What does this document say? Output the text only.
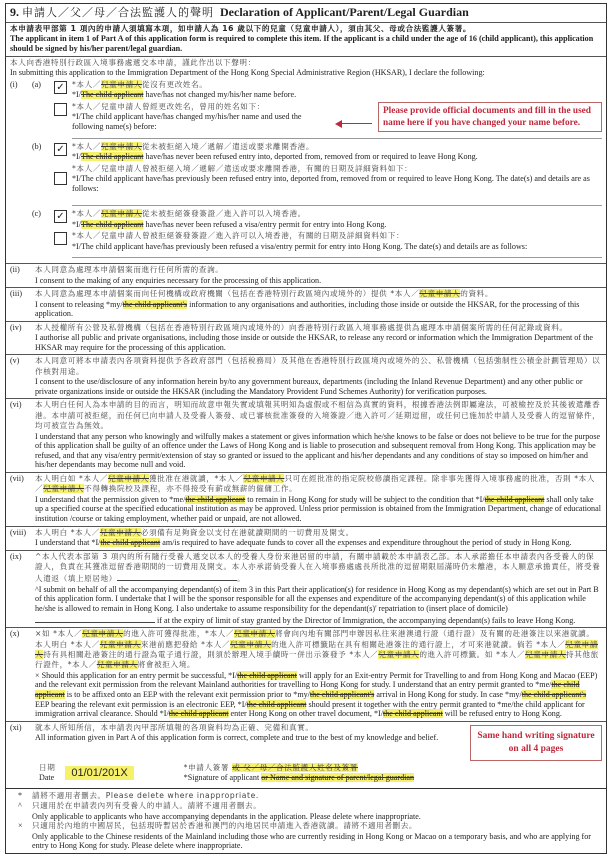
9. 申請人／父／母／合法監護人的聲明 Declaration of Applicant/Parent/Legal Guardian
本申請表甲部第 1 項內的申請人須填寫本項，如申請人為 16 歲以下的兒童（兒童申請人），須由其父、母或合法監護人簽署。
The applicant in item 1 of Part A of this application form is required to complete this item. If the applicant is a child under the age of 16 (child applicant), this application should be signed by his/her parent/legal guardian.
本人向香港特別行政區入境事務處遞交本申請，謹此作出以下聲明：
In submitting this application to the Immigration Department of the Hong Kong Special Administrative Region (HKSAR), I declare the following:
(i)	(a)	✓ *本人／兒童申請人從沒有更改姓名。
*I/The child applicant have/has not changed my/his/her name before.
*本人／兒童申請人曾經更改姓名，曾用的姓名如下：
*I/The child applicant have/has changed my/his/her name and used the following name(s) before:
Please provide official documents and fill in the used name here if you have changed your name before.
(b)	✓ *本人／兒童申請人從未被拒絕入境／遞解／遣送或要求離開香港。
*I/The child applicant have/has never been refused entry into, deported from, removed from or required to leave Hong Kong.
*本人／兒童申請人曾被拒絕入境／遞解／遣送或要求離開香港，有關的日期及詳細資料如下：
*I/The child applicant have/has previously been refused entry into, deported from, removed from or required to leave Hong Kong. The date(s) and details are as follows:
(c)	✓ *本人／兒童申請人從未被拒絕簽發簽證／進入許可以入境香港。
*I/The child applicant have/has never been refused a visa/entry permit for entry into Hong Kong.
*本人／兒童申請人曾被拒絕簽發簽證／進入許可以入境香港，有關的日期及詳細資料如下：
*I/The child applicant have/has previously been refused a visa/entry permit for entry into Hong Kong. The date(s) and details are as follows:
(ii)	本人同意為處理本申請個案而進行任何所需的查詢。
I consent to the making of any enquiries necessary for the processing of this application.
(iii)	本人同意為處理本申請個案而向任何機構或政府機關（包括在香港特別行政區境內或境外的）提供 *本人／兒童申請人的資料。
I consent to releasing *my/the child applicant's information to any organisations and authorities, including those inside or outside the HKSAR, for the processing of this application.
(iv)	本人授權所有公營及私營機構（包括在香港特別行政區境內或境外的）向香港特別行政區入境事務處提供為處理本申請個案所需的任何記錄或資料。
I authorise all public and private organisations, including those inside or outside the HKSAR, to release any record or information which the Immigration Department of the HKSAR may require for the processing of this application.
(v)	本人同意可將本申請表內各項資料提供予各政府部門（包括稅務局）及其他在香港特別行政區境內或境外的公、私營機構（包括強制性公積金計劃管理局）以作核對用途。
I consent to the use/disclosure of any information herein by/to any government bureaux, departments (including the Inland Revenue Department) and any other public or private organizations inside or outside the HKSAR (including the Mandatory Provident Fund Schemes Authority) for verification purposes.
(vi)	本人明白任何人為本申請的目的而言，明知而故意申報失實或填報其明知為虛假或不相信為真實的資料，根據香港法例即屬違法，可被檢控及於其後被遣離香港。本申請可被拒絕，而任何已向申請人及受養人簽發、或已審核批准簽發的入境簽證／進入許可／延期逗留，或任何已施加於申請人及受養人的逗留條件，均可被宣告為無效。
I understand that any person who knowingly and wilfully makes a statement or gives information which he/she knows to be false or does not believe to be true for the purpose of this application shall be guilty of an offence under the Laws of Hong Kong and is liable to prosecution and subsequent removal from Hong Kong. This application may be refused, and that any visa/entry permit/extension of stay so granted or issued to the applicant and his/her dependants and any conditions of stay so imposed on him/her and his/her dependants may become null and void.
(vii)	本人明白如 *本人／兒童申請人獲批准在港就讀，*本人／兒童申請人只可在經批准的指定院校修讀指定課程。除非事先獲得入境事務處的批准，否則 *本人／兒童申請人不得轉換院校及課程，亦不得接受有薪或無薪的僱傭工作。
I understand that the permission given to *me/the child applicant to remain in Hong Kong for study will be subject to the condition that *I/the child applicant shall only take up a specified course at the specified educational institution as may be approved. Unless prior permission is obtained from the Immigration Department, change of educational institution /course or taking employment, whether paid or unpaid, are not allowed.
(viii)	本人明白 *本人／兒童申請人必須備有足夠資金以支付在港就讀期間的一切費用及開支。
I understand that *I/the child applicant am/is required to have adequate funds to cover all the expenses and expenditure throughout the period of study in Hong Kong.
(ix)	^本人代表本部第 3 項內的所有隨行受養人遞交以本人的受養人身份來港居留的申請，有關申請載於本申請表乙部。本人承諾擔任本申請表內各受養人的保證人，負責在其獲准逗留香港期間的一切費用及開支。本人亦承諾倘受養人在入境事務處處長所批准的逗留期限屆滿時仍未離港，本人願意承擔責任，將受養人遣返（填上原居地）	。
^I submit on behalf of all the accompanying dependant(s) of item 3 in this Part their application(s) for residence in Hong Kong as my dependant(s) which are set out in Part B of this application form. I undertake that I will be the sponsor responsible for all the expenses and expenditure of the accompanying dependant(s) of this application while he/she is allowed to remain in Hong Kong. I also undertake to assume responsibility for the dependant(s)' repatriation to (insert place of domicile)  if at the expiry of limit of stay granted by the Director of Immigration, the accompanying dependant(s) fails to leave Hong Kong.
(x)	×如 *本人／兒童申請人的進入許可獲得批准，*本人／兒童申請人將會向內地有關部門申辦因私往來港澳通行證（通行證）及有關的赴港簽注以來港就讀。本人明白 *本人／兒童申請人來港前應把發給 *本人／兒童申請人的進入許可標籤貼在具有相關赴港簽注的通行證上，才可來港就讀。倘若 *本人／兒童申請人持有具相關赴港簽注的通行證為電子通行證，則須於辦理入境手續時一併出示簽發予 *本人／兒童申請人的進入許可標籤。如 *本人／兒童申請人持其他旅行證件，*本人／兒童申請人將會被拒入境。
× Should this application for an entry permit be successful, *I/the child applicant will apply for an Exit-entry Permit for Travelling to and from Hong Kong and Macao (EEP) and the relevant exit permission from the relevant Mainland authorities for travelling to Hong Kong for study. I understand that an entry permit granted to *me/the child applicant is to be affixed onto an EEP with the relevant exit permission prior to *my/the child applicant's arrival in Hong Kong for study. In case *my/the child applicant's EEP bearing the relevant exit permission is an electronic EEP, *I/the child applicant should present it together with the entry permit granted to *me/the child applicant for immigration arrival clearance. Should *I/the child applicant enter Hong Kong on other travel document, *I/the child applicant will be refused entry to Hong Kong.
(xi)	就本人所知所信，本申請表內甲部所填報的各項資料均為正確、完備和真實。
All information given in Part A of this application form is correct, complete and true to the best of my knowledge and belief.	Same hand writing signature on all 4 pages
日期
Date	01/01/201X	*申請人簽署 或 父／母／合法監護人姓名及簽署
*Signature of applicant or Name and signature of parent/legal guardian
*	請將不適用者刪去。Please delete where inappropriate.
^	只適用於在申請表內列有受養人的申請人。請將不適用者刪去。
Only applicable to applicants who have accompanying dependants in the application. Please delete where inappropriate.
×	只適用於內地的中國居民，包括現時暫居於香港和澳門的內地居民申請進入香港就讀。請將不適用者刪去。
Only applicable to the Chinese residents of the Mainland including those who are currently residing in Hong Kong or Macao on a temporary basis, and who are applying for entry to Hong Kong for study. Please delete where inappropriate.
